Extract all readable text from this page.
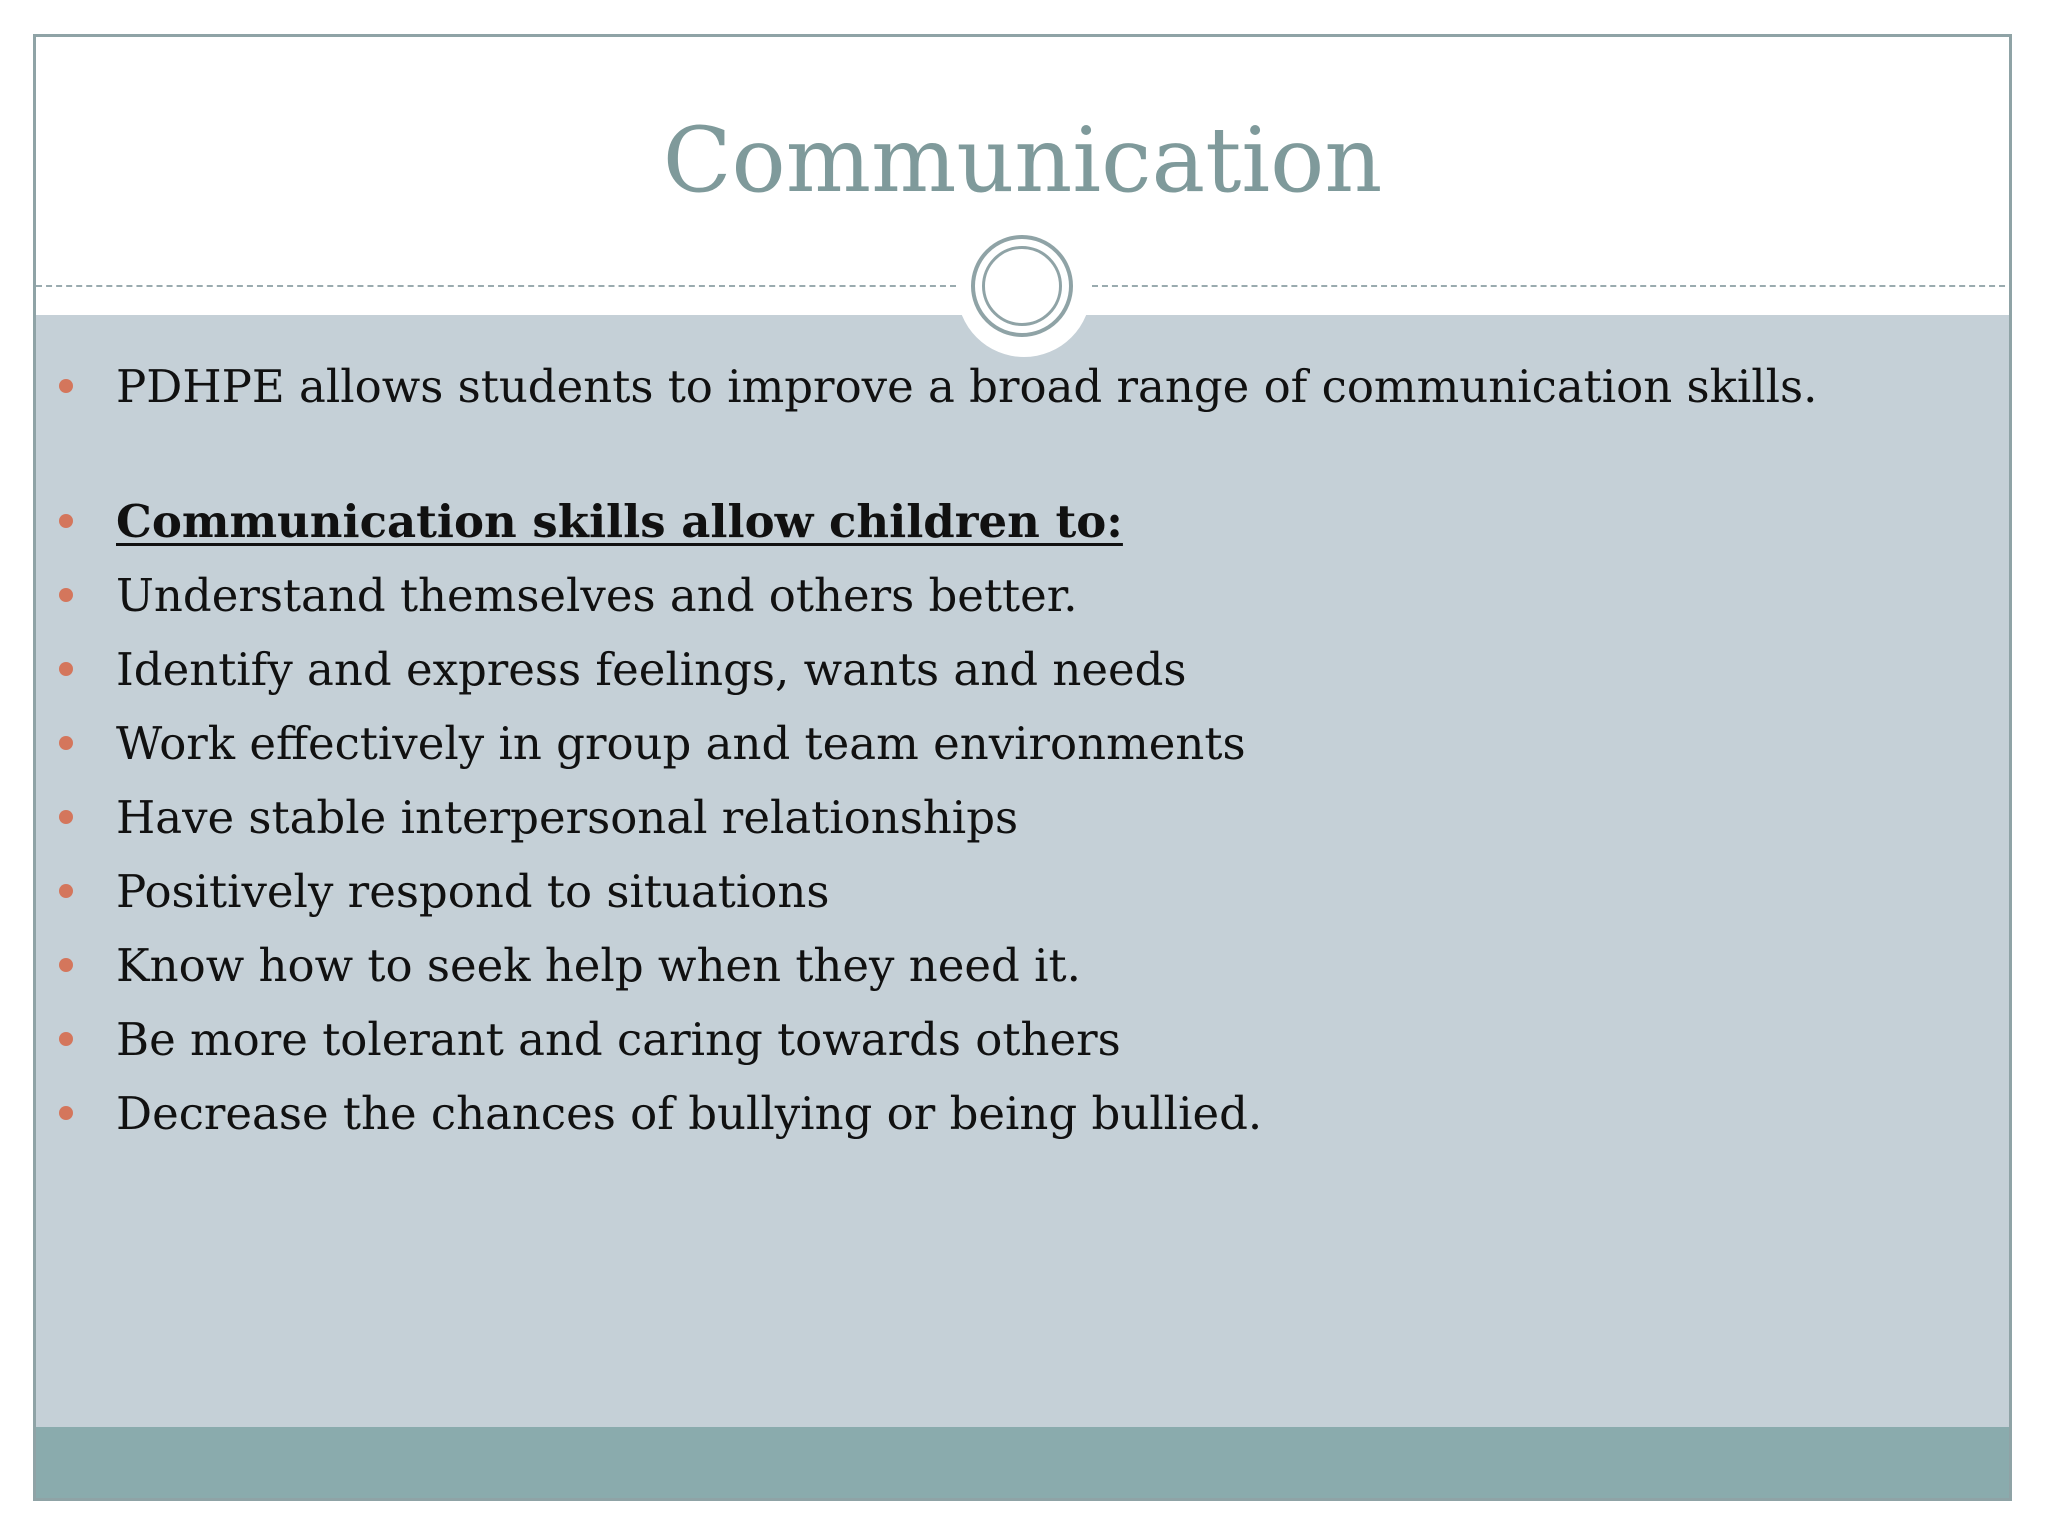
Communication
PDHPE allows students to improve a broad range of communication skills.
Communication skills allow children to:
Understand themselves and others better.
Identify and express feelings, wants and needs
Work effectively in group and team environments
Have stable interpersonal relationships
Positively respond to situations
Know how to seek help when they need it.
Be more tolerant and caring towards others
Decrease the chances of bullying or being bullied.
